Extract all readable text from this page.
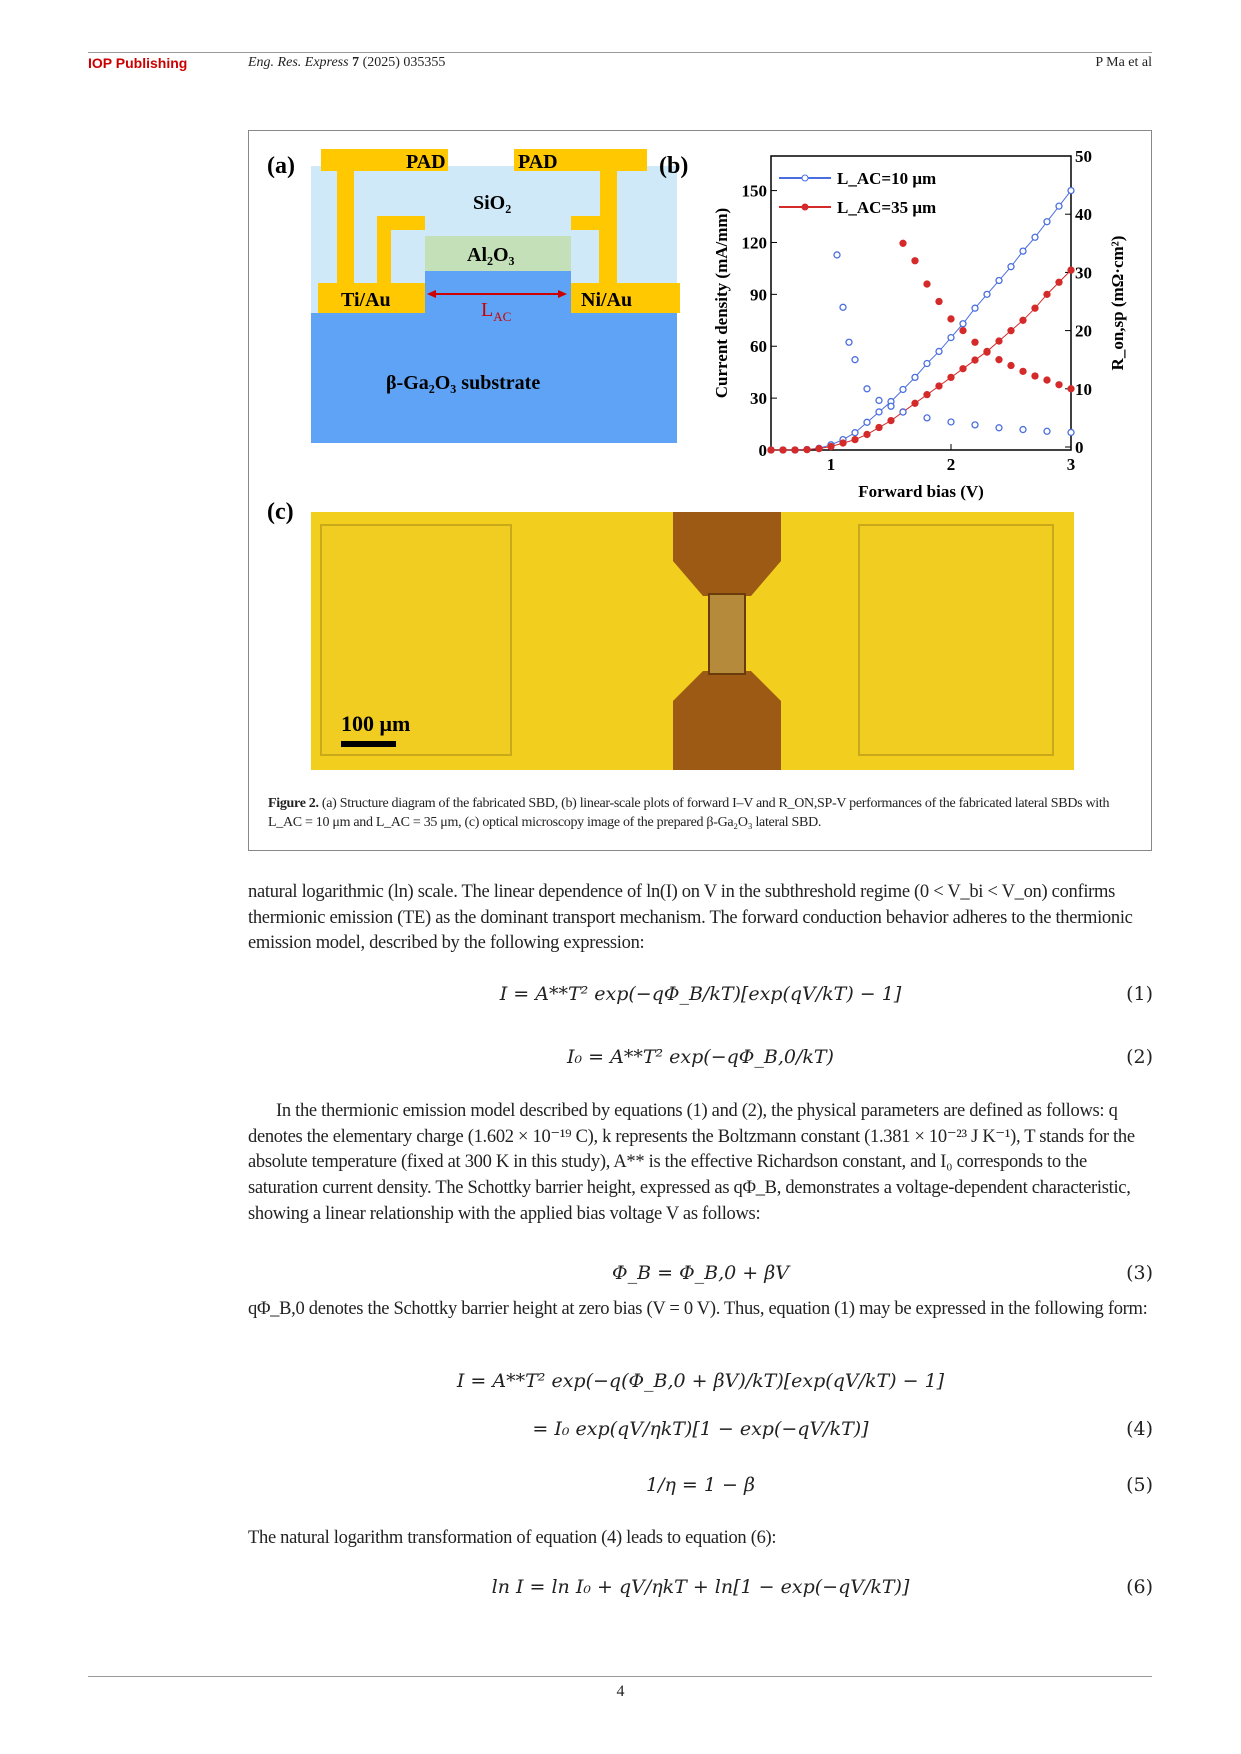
IOP Publishing	Eng. Res. Express 7 (2025) 035355	P Ma et al
(a)	PAD	PAD
SiO₂
Al₂O₃
Ti/Au	Ni/Au
$L_{AC}$
β-Ga₂O₃ substrate
(b)
1	2	3
0
30
60
90
120
150
0
10
20
30
40
50
Forward bias (V)
Current density (mA/mm)	R_on,sp (mΩ·cm²)
L_AC=10 μm
L_AC=35 μm
(c)
100 μm
Figure 2. (a) Structure diagram of the fabricated SBD, (b) linear-scale plots of forward I–V and R_ON,SP-V performances of the fabricated lateral SBDs with L_AC = 10 μm and L_AC = 35 μm, (c) optical microscopy image of the prepared β-Ga₂O₃ lateral SBD.
natural logarithmic (ln) scale. The linear dependence of ln(I) on V in the subthreshold regime (0 < V_bi < V_on) confirms thermionic emission (TE) as the dominant transport mechanism. The forward conduction behavior adheres to the thermionic emission model, described by the following expression:
I = A**T² exp(−qΦ_B/kT)[exp(qV/kT) − 1]	(1)
I₀ = A**T² exp(−qΦ_B,0/kT)	(2)
In the thermionic emission model described by equations (1) and (2), the physical parameters are defined as follows: q denotes the elementary charge (1.602 × 10⁻¹⁹ C), k represents the Boltzmann constant (1.381 × 10⁻²³ J K⁻¹), T stands for the absolute temperature (fixed at 300 K in this study), A** is the effective Richardson constant, and I₀ corresponds to the saturation current density. The Schottky barrier height, expressed as qΦ_B, demonstrates a voltage-dependent characteristic, showing a linear relationship with the applied bias voltage V as follows:
Φ_B = Φ_B,0 + βV	(3)
qΦ_B,0 denotes the Schottky barrier height at zero bias (V = 0 V). Thus, equation (1) may be expressed in the following form:
I = A**T² exp(−q(Φ_B,0 + βV)/kT)[exp(qV/kT) − 1]
= I₀ exp(qV/ηkT)[1 − exp(−qV/kT)]	(4)
1/η = 1 − β	(5)
The natural logarithm transformation of equation (4) leads to equation (6):
ln I = ln I₀ + qV/ηkT + ln[1 − exp(−qV/kT)]	(6)
4
